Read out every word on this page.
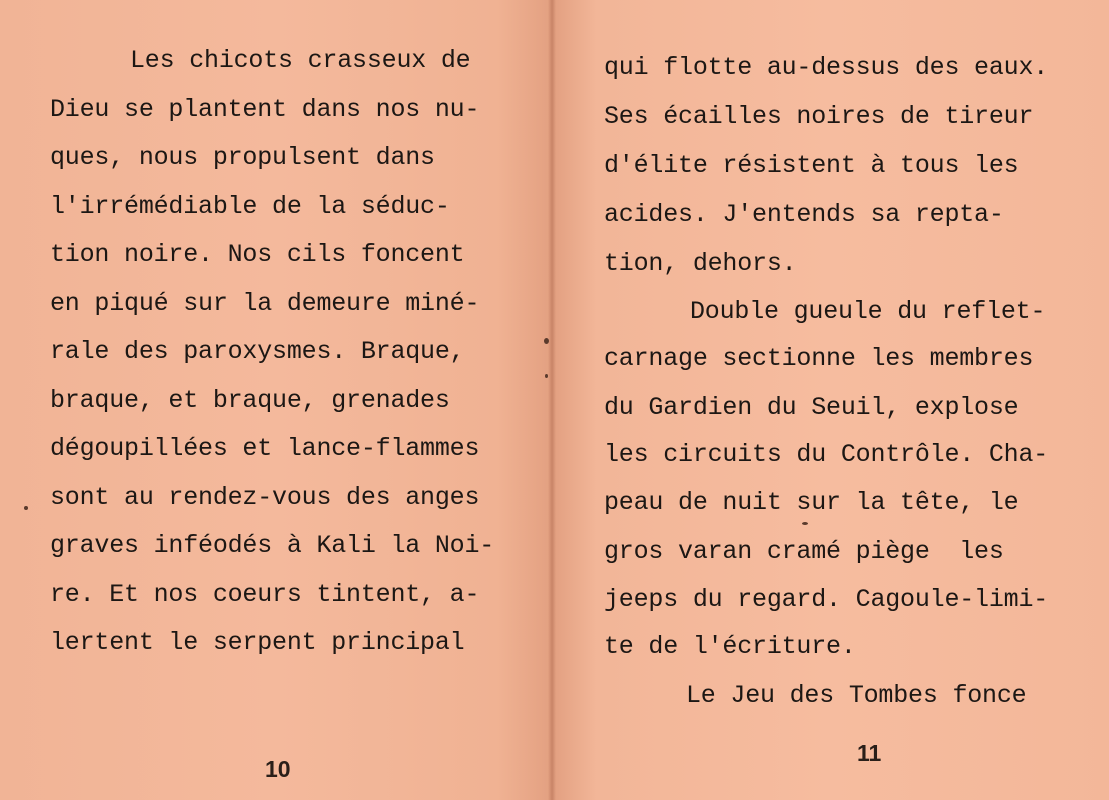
Les chicots crasseux de
Dieu se plantent dans nos nu-
ques, nous propulsent dans
l'irrémédiable de la séduc-
tion noire. Nos cils foncent
en piqué sur la demeure miné-
rale des paroxysmes. Braque,
braque, et braque, grenades
dégoupillées et lance-flammes
sont au rendez-vous des anges
graves inféodés à Kali la Noi-
re. Et nos coeurs tintent, a-
lertent le serpent principal
10
qui flotte au-dessus des eaux.
Ses écailles noires de tireur
d'élite résistent à tous les
acides. J'entends sa repta-
tion, dehors.
Double gueule du reflet-
carnage sectionne les membres
du Gardien du Seuil, explose
les circuits du Contrôle. Cha-
peau de nuit sur la tête, le
gros varan cramé piège  les
jeeps du regard. Cagoule-limi-
te de l'écriture.
Le Jeu des Tombes fonce
11
